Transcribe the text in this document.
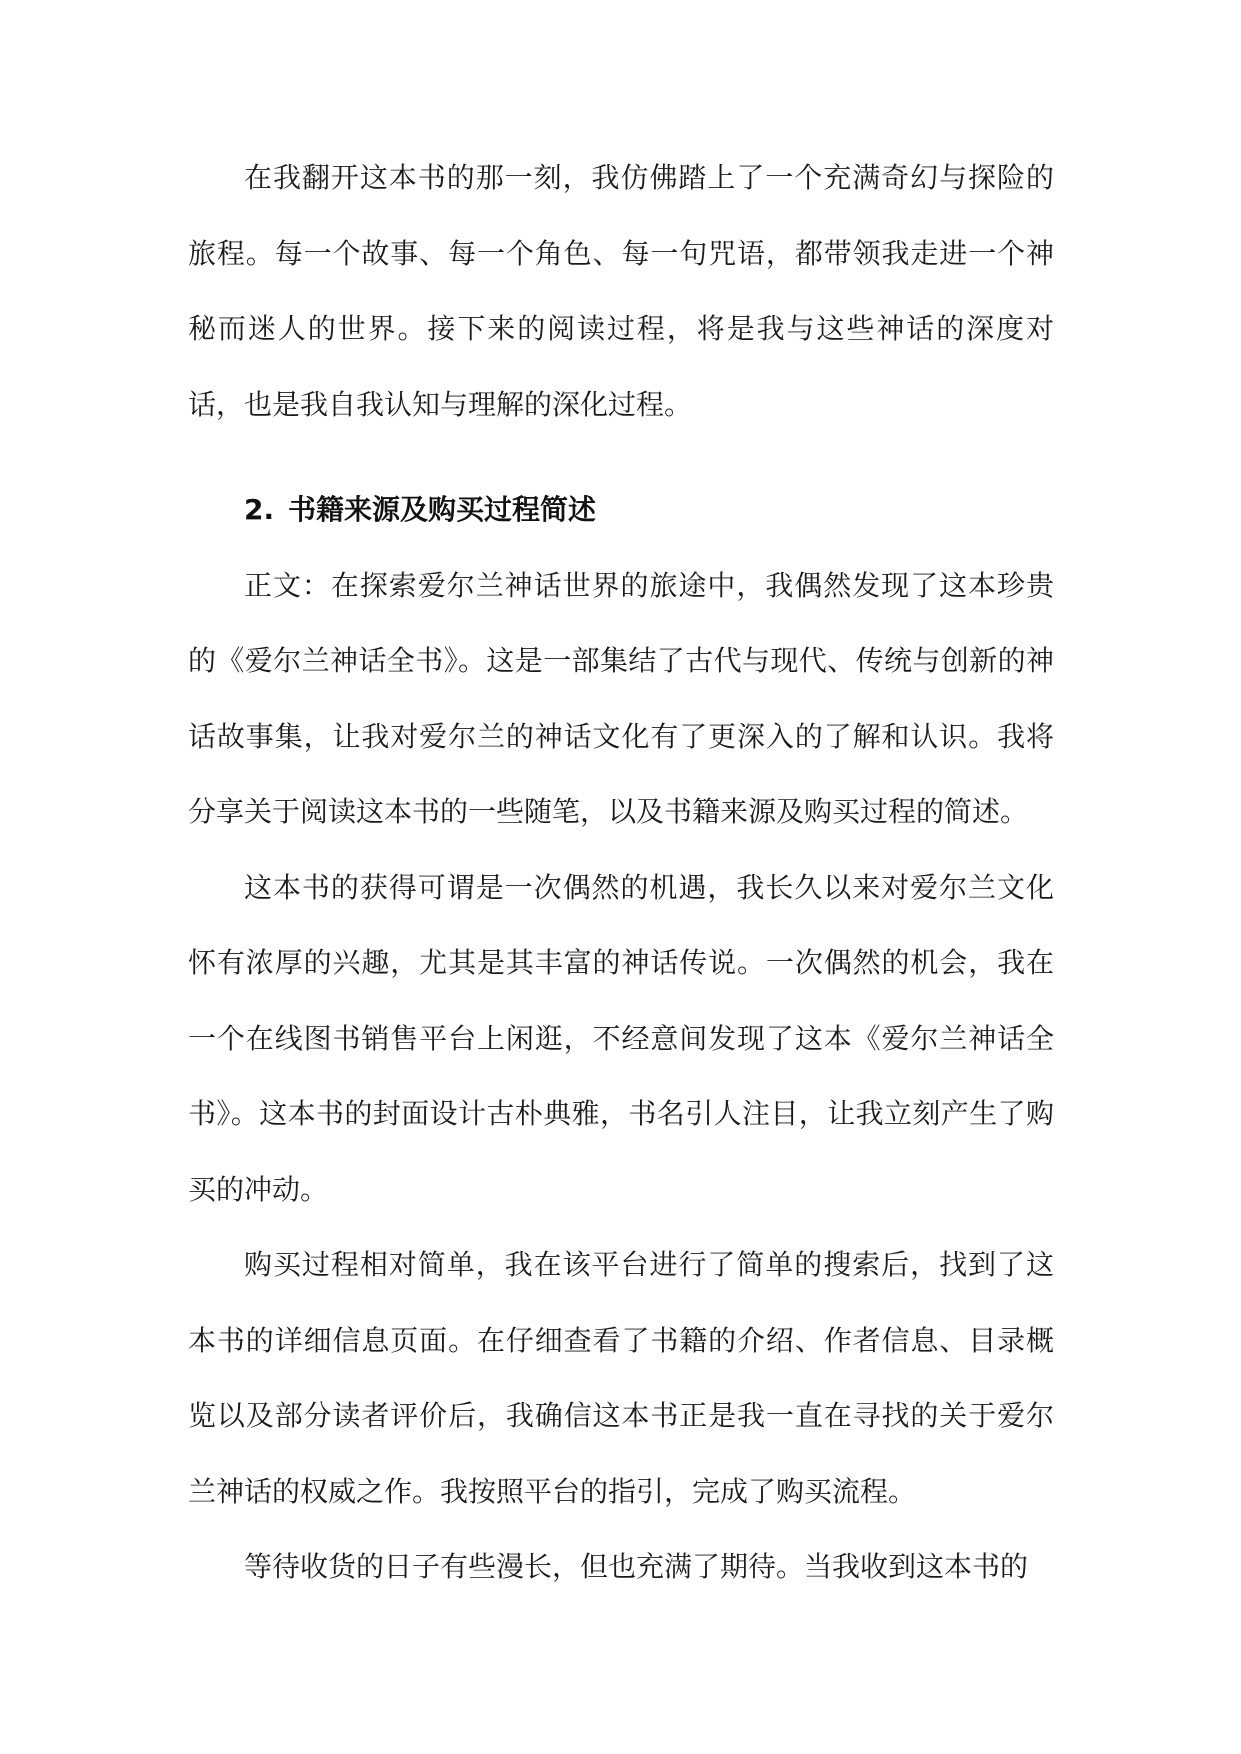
在我翻开这本书的那一刻，我仿佛踏上了一个充满奇幻与探险的旅程。每一个故事、每一个角色、每一句咒语，都带领我走进一个神秘而迷人的世界。接下来的阅读过程，将是我与这些神话的深度对话，也是我自我认知与理解的深化过程。

2. 书籍来源及购买过程简述

正文：在探索爱尔兰神话世界的旅途中，我偶然发现了这本珍贵的《爱尔兰神话全书》。这是一部集结了古代与现代、传统与创新的神话故事集，让我对爱尔兰的神话文化有了更深入的了解和认识。我将分享关于阅读这本书的一些随笔，以及书籍来源及购买过程的简述。

这本书的获得可谓是一次偶然的机遇，我长久以来对爱尔兰文化怀有浓厚的兴趣，尤其是其丰富的神话传说。一次偶然的机会，我在一个在线图书销售平台上闲逛，不经意间发现了这本《爱尔兰神话全书》。这本书的封面设计古朴典雅，书名引人注目，让我立刻产生了购买的冲动。

购买过程相对简单，我在该平台进行了简单的搜索后，找到了这本书的详细信息页面。在仔细查看了书籍的介绍、作者信息、目录概览以及部分读者评价后，我确信这本书正是我一直在寻找的关于爱尔兰神话的权威之作。我按照平台的指引，完成了购买流程。

等待收货的日子有些漫长，但也充满了期待。当我收到这本书的
